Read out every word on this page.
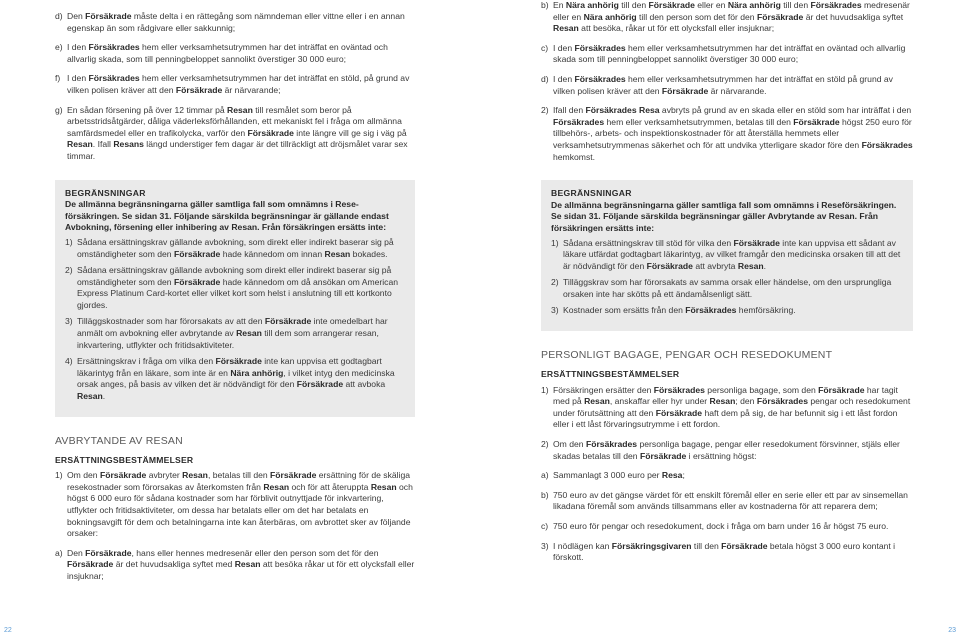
d) Den Försäkrade måste delta i en rättegång som nämndeman eller vittne eller i en annan egenskap än som rådgivare eller sakkunnig;
e) I den Försäkrades hem eller verksamhetsutrymmen har det inträffat en oväntad och allvarlig skada, som till penningbeloppet sannolikt överstiger 30 000 euro;
f) I den Försäkrades hem eller verksamhetsutrymmen har det inträffat en stöld, på grund av vilken polisen kräver att den Försäkrade är närvarande;
g) En sådan försening på över 12 timmar på Resan till resmålet som beror på arbetsstridsåtgärder, dåliga väderleksförhållanden, ett mekaniskt fel i fråga om allmänna samfärdsmedel eller en trafikolycka, varför den Försäkrade inte längre vill ge sig i väg på Resan. Ifall Resans längd understiger fem dagar är det tillräckligt att dröjsmålet varar sex timmar.
BEGRÄNSNINGAR
De allmänna begränsningarna gäller samtliga fall som omnämns i Reseförsäkringen. Se sidan 31. Följande särskilda begränsningar är gällande endast Avbokning, försening eller inhibering av Resan. Från försäkringen ersätts inte:
1) Sådana ersättningskrav gällande avbokning, som direkt eller indirekt baserar sig på omständigheter som den Försäkrade hade kännedom om innan Resan bokades.
2) Sådana ersättningskrav gällande avbokning som direkt eller indirekt baserar sig på omständigheter som den Försäkrade hade kännedom om då ansökan om American Express Platinum Card-kortet eller vilket kort som helst i anslutning till ett kortkonto gjordes.
3) Tilläggskostnader som har förorsakats av att den Försäkrade inte omedelbart har anmält om avbokning eller avbrytande av Resan till dem som arrangerar resan, inkvartering, utflykter och fritidsaktiviteter.
4) Ersättningskrav i fråga om vilka den Försäkrade inte kan uppvisa ett godtagbart läkarintyg från en läkare, som inte är en Nära anhörig, i vilket intyg den medicinska orsak anges, på basis av vilken det är nödvändigt för den Försäkrade att avboka Resan.
AVBRYTANDE AV RESAN
ERSÄTTNINGSBESTÄMMELSER
1) Om den Försäkrade avbryter Resan, betalas till den Försäkrade ersättning för de skäliga resekostnader som förorsakas av återkomsten från Resan och för att återuppta Resan och högst 6 000 euro för sådana kostnader som har förblivit outnyttjade för inkvartering, utflykter och fritidsaktiviteter, om dessa har betalats eller om det har betalats en bokningsavgift för dem och betalningarna inte kan återbäras, om avbrottet sker av följande orsaker:
a) Den Försäkrade, hans eller hennes medresenär eller den person som det för den Försäkrade är det huvudsakliga syftet med Resan att besöka råkar ut för ett olycksfall eller insjuknar;
b) En Nära anhörig till den Försäkrade eller en Nära anhörig till den Försäkrades medresenär eller en Nära anhörig till den person som det för den Försäkrade är det huvudsakliga syftet Resan att besöka, råkar ut för ett olycksfall eller insjuknar;
c) I den Försäkrades hem eller verksamhetsutrymmen har det inträffat en oväntad och allvarlig skada som till penningbeloppet sannolikt överstiger 30 000 euro;
d) I den Försäkrades hem eller verksamhetsutrymmen har det inträffat en stöld på grund av vilken polisen kräver att den Försäkrade är närvarande.
2) Ifall den Försäkrades Resa avbryts på grund av en skada eller en stöld som har inträffat i den Försäkrades hem eller verksamhetsutrymmen, betalas till den Försäkrade högst 250 euro för tillbehörs-, arbets- och inspektionskostnader för att återställa hemmets eller verksamhetsutrymmenas säkerhet och för att undvika ytterligare skador före den Försäkrades hemkomst.
BEGRÄNSNINGAR
De allmänna begränsningarna gäller samtliga fall som omnämns i Reseförsäkringen. Se sidan 31. Följande särskilda begränsningar gäller Avbrytande av Resan. Från försäkringen ersätts inte:
1) Sådana ersättningskrav till stöd för vilka den Försäkrade inte kan uppvisa ett sådant av läkare utfärdat godtagbart läkarintyg, av vilket framgår den medicinska orsaken till att det är nödvändigt för den Försäkrade att avbryta Resan.
2) Tilläggskrav som har förorsakats av samma orsak eller händelse, om den ursprungliga orsaken inte har skötts på ett ändamålsenligt sätt.
3) Kostnader som ersätts från den Försäkrades hemförsäkring.
PERSONLIGT BAGAGE, PENGAR OCH RESEDOKUMENT
ERSÄTTNINGSBESTÄMMELSER
1) Försäkringen ersätter den Försäkrades personliga bagage, som den Försäkrade har tagit med på Resan, anskaffar eller hyr under Resan; den Försäkrades pengar och resedokument under förutsättning att den Försäkrade haft dem på sig, de har befunnit sig i ett låst fordon eller i ett låst förvaringsutrymme i ett fordon.
2) Om den Försäkrades personliga bagage, pengar eller resedokument försvinner, stjäls eller skadas betalas till den Försäkrade i ersättning högst:
a) Sammanlagt 3 000 euro per Resa;
b) 750 euro av det gängse värdet för ett enskilt föremål eller en serie eller ett par av sinsemellan likadana föremål som används tillsammans eller av kostnaderna för att reparera dem;
c) 750 euro för pengar och resedokument, dock i fråga om barn under 16 år högst 75 euro.
3) I nödlägen kan Försäkringsgivaren till den Försäkrade betala högst 3 000 euro kontant i förskott.
22	23
